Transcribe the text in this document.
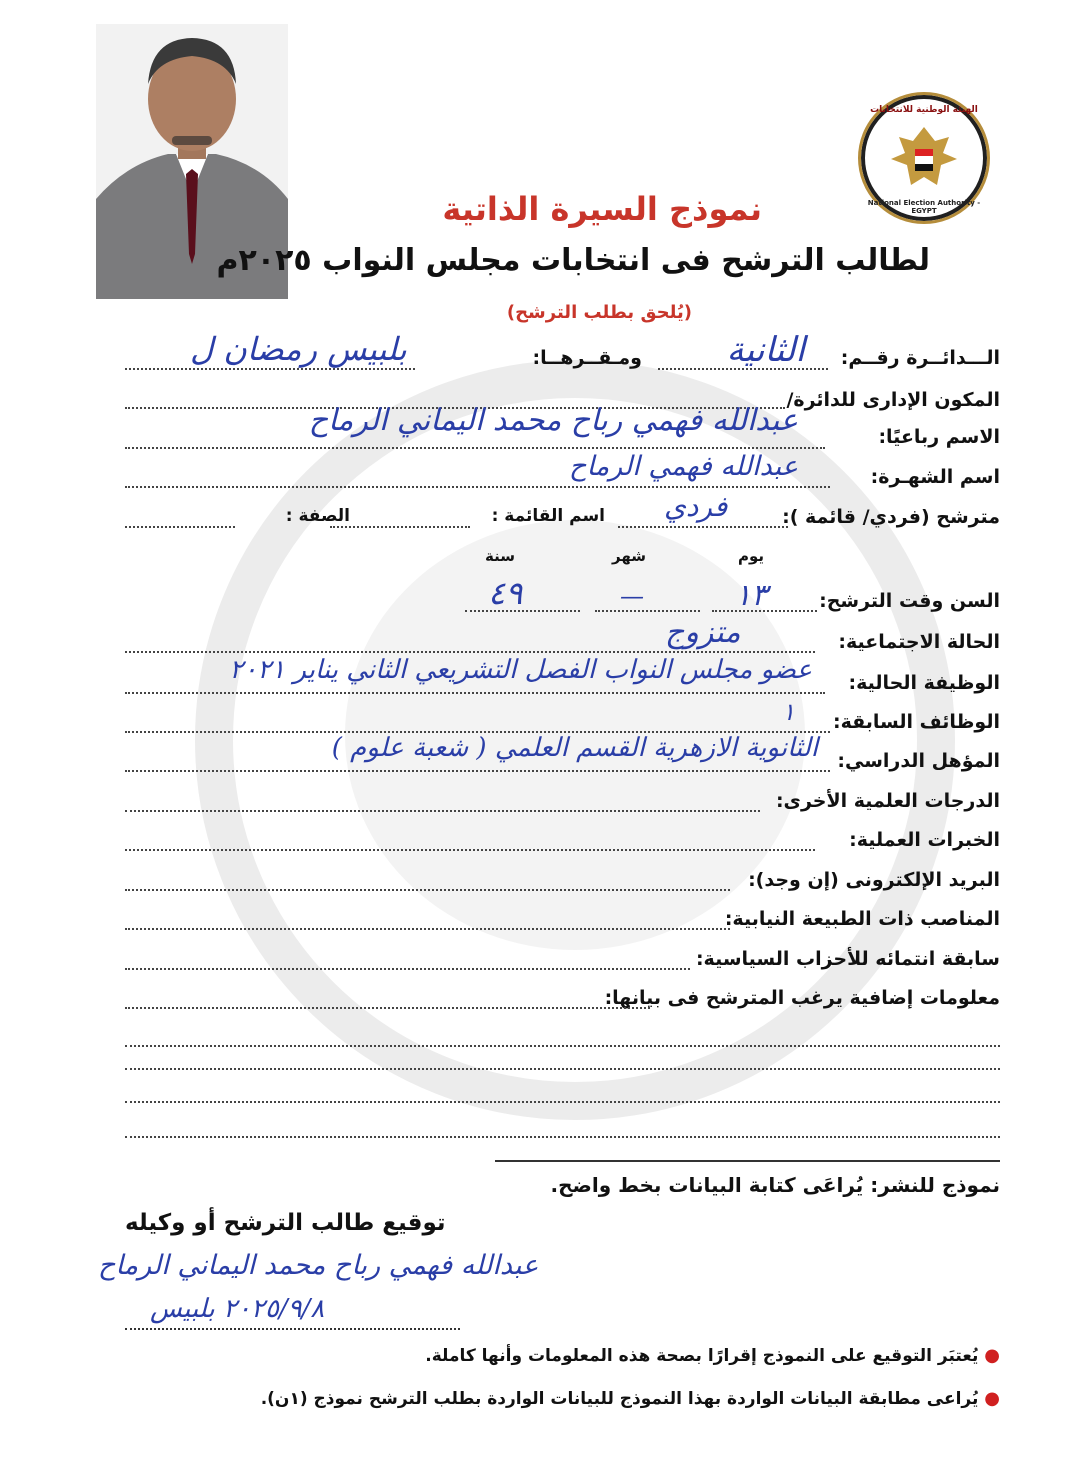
الهيئة الوطنية للانتخابات
National Election Authority - EGYPT
نموذج السيرة الذاتية
لطالب الترشح فى انتخابات مجلس النواب ٢٠٢٥م
(يُلحق بطلب الترشح)
الـــدائــرة رقــم:
الثانية
ومـقــرهــا:
بلبيس رمضان ل
المكون الإدارى للدائرة/
الاسم رباعيًا:
عبدالله فهمي رباح محمد اليماني الرماح
اسم الشهـرة:
عبدالله فهمي الرماح
مترشح (فردي/ قائمة ):
فردي
اسم القائمة :
الصفة :
يوم
شهر
سنة
السن وقت الترشح:
١٣
—
٤٩
الحالة الاجتماعية:
متزوج
الوظيفة الحالية:
عضو مجلس النواب الفصل التشريعي الثاني يناير ٢٠٢١
الوظائف السابقة:
١
المؤهل الدراسي:
الثانوية الازهرية القسم العلمي ( شعبة علوم )
الدرجات العلمية الأخرى:
الخبرات العملية:
البريد الإلكترونى (إن وجد):
المناصب ذات الطبيعة النيابية:
سابقة انتمائه للأحزاب السياسية:
معلومات إضافية يرغب المترشح فى بيانها:
نموذج للنشر: يُراعَى كتابة البيانات بخط واضح.
توقيع طالب الترشح أو وكيله
عبدالله فهمي رباح محمد اليماني الرماح
٢٠٢٥/٩/٨ بلبيس
● يُعتبَر التوقيع على النموذج إقرارًا بصحة هذه المعلومات وأنها كاملة.
● يُراعى مطابقة البيانات الواردة بهذا النموذج للبيانات الواردة بطلب الترشح نموذج (١ن).
